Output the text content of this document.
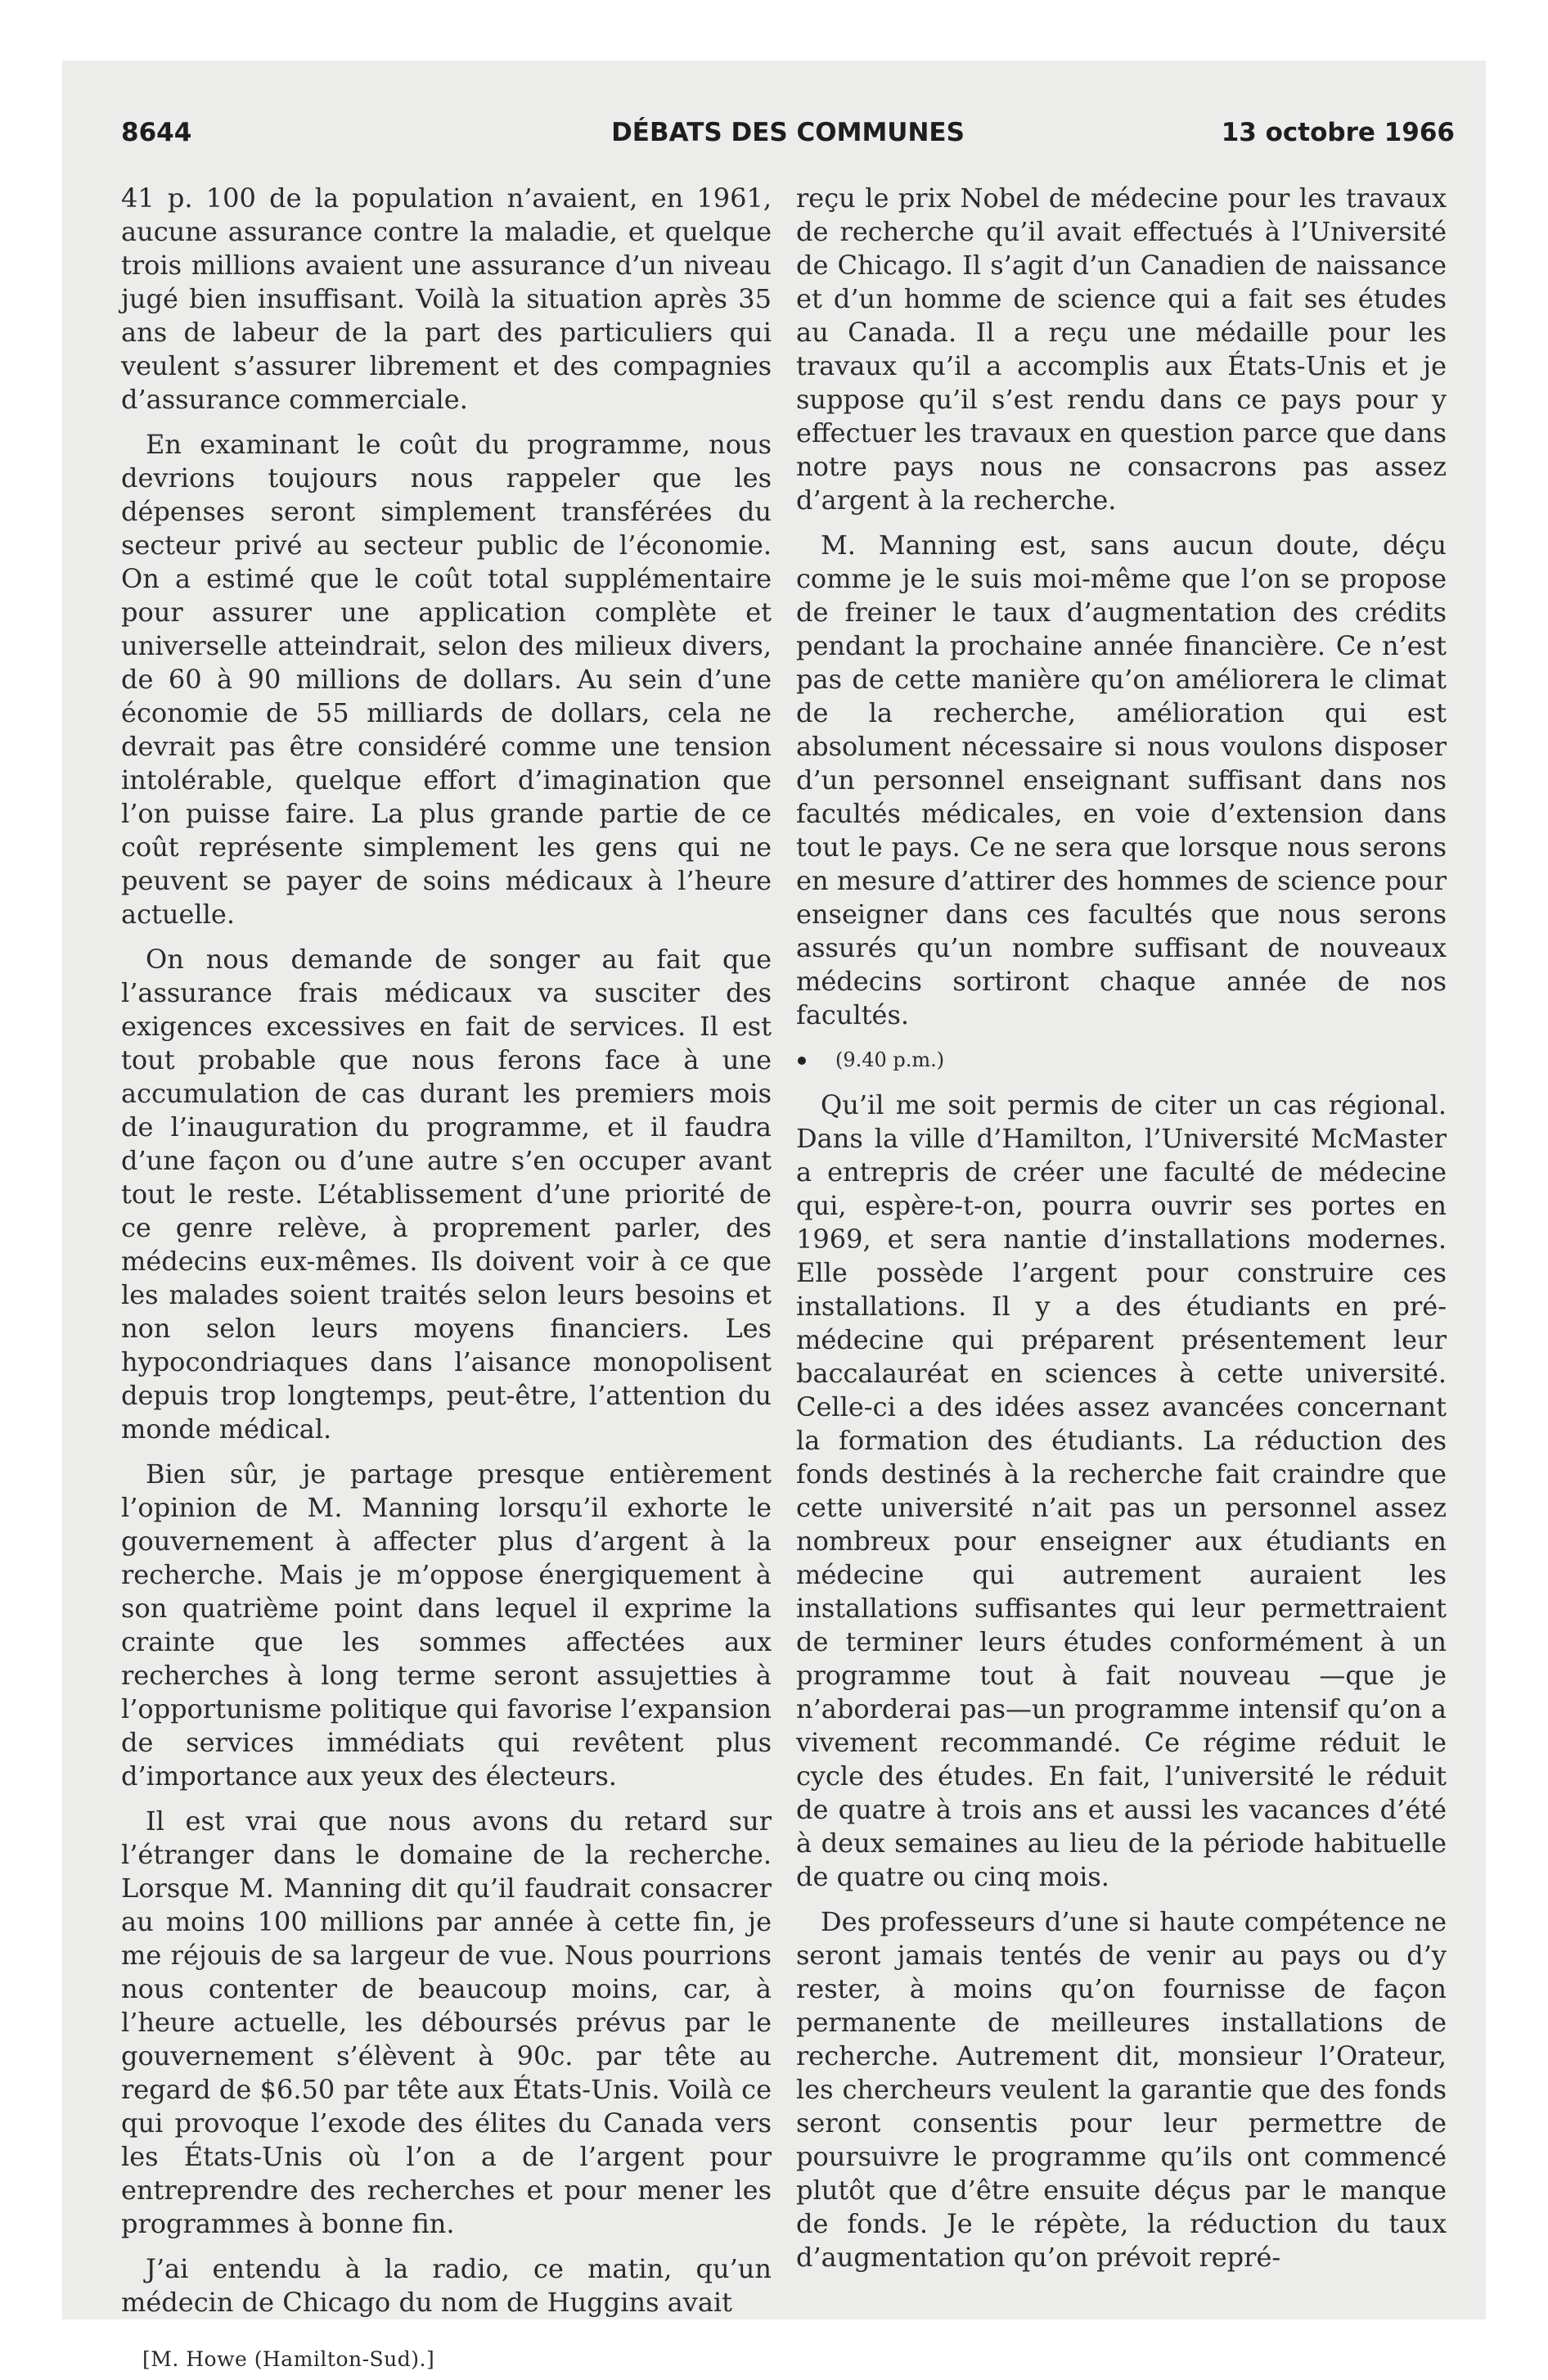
8644	DÉBATS DES COMMUNES	13 octobre 1966

41 p. 100 de la population n’avaient, en 1961, aucune assurance contre la maladie, et quelque trois millions avaient une assurance d’un niveau jugé bien insuffisant. Voilà la situation après 35 ans de labeur de la part des particuliers qui veulent s’assurer librement et des compagnies d’assurance commerciale.

En examinant le coût du programme, nous devrions toujours nous rappeler que les dépenses seront simplement transférées du secteur privé au secteur public de l’économie. On a estimé que le coût total supplémentaire pour assurer une application complète et universelle atteindrait, selon des milieux divers, de 60 à 90 millions de dollars. Au sein d’une économie de 55 milliards de dollars, cela ne devrait pas être considéré comme une tension intolérable, quelque effort d’imagination que l’on puisse faire. La plus grande partie de ce coût représente simplement les gens qui ne peuvent se payer de soins médicaux à l’heure actuelle.

On nous demande de songer au fait que l’assurance frais médicaux va susciter des exigences excessives en fait de services. Il est tout probable que nous ferons face à une accumulation de cas durant les premiers mois de l’inauguration du programme, et il faudra d’une façon ou d’une autre s’en occuper avant tout le reste. L’établissement d’une priorité de ce genre relève, à proprement parler, des médecins eux-mêmes. Ils doivent voir à ce que les malades soient traités selon leurs besoins et non selon leurs moyens financiers. Les hypocondriaques dans l’aisance monopolisent depuis trop longtemps, peut-être, l’attention du monde médical.

Bien sûr, je partage presque entièrement l’opinion de M. Manning lorsqu’il exhorte le gouvernement à affecter plus d’argent à la recherche. Mais je m’oppose énergiquement à son quatrième point dans lequel il exprime la crainte que les sommes affectées aux recherches à long terme seront assujetties à l’opportunisme politique qui favorise l’expansion de services immédiats qui revêtent plus d’importance aux yeux des électeurs.

Il est vrai que nous avons du retard sur l’étranger dans le domaine de la recherche. Lorsque M. Manning dit qu’il faudrait consacrer au moins 100 millions par année à cette fin, je me réjouis de sa largeur de vue. Nous pourrions nous contenter de beaucoup moins, car, à l’heure actuelle, les déboursés prévus par le gouvernement s’élèvent à 90c. par tête au regard de $6.50 par tête aux États-Unis. Voilà ce qui provoque l’exode des élites du Canada vers les États-Unis où l’on a de l’argent pour entreprendre des recherches et pour mener les programmes à bonne fin.

J’ai entendu à la radio, ce matin, qu’un médecin de Chicago du nom de Huggins avait

[M. Howe (Hamilton-Sud).]

reçu le prix Nobel de médecine pour les travaux de recherche qu’il avait effectués à l’Université de Chicago. Il s’agit d’un Canadien de naissance et d’un homme de science qui a fait ses études au Canada. Il a reçu une médaille pour les travaux qu’il a accomplis aux États-Unis et je suppose qu’il s’est rendu dans ce pays pour y effectuer les travaux en question parce que dans notre pays nous ne consacrons pas assez d’argent à la recherche.

M. Manning est, sans aucun doute, déçu comme je le suis moi-même que l’on se propose de freiner le taux d’augmentation des crédits pendant la prochaine année financière. Ce n’est pas de cette manière qu’on améliorera le climat de la recherche, amélioration qui est absolument nécessaire si nous voulons disposer d’un personnel enseignant suffisant dans nos facultés médicales, en voie d’extension dans tout le pays. Ce ne sera que lorsque nous serons en mesure d’attirer des hommes de science pour enseigner dans ces facultés que nous serons assurés qu’un nombre suffisant de nouveaux médecins sortiront chaque année de nos facultés.

(9.40 p.m.)

Qu’il me soit permis de citer un cas régional. Dans la ville d’Hamilton, l’Université McMaster a entrepris de créer une faculté de médecine qui, espère-t-on, pourra ouvrir ses portes en 1969, et sera nantie d’installations modernes. Elle possède l’argent pour construire ces installations. Il y a des étudiants en pré-médecine qui préparent présentement leur baccalauréat en sciences à cette université. Celle-ci a des idées assez avancées concernant la formation des étudiants. La réduction des fonds destinés à la recherche fait craindre que cette université n’ait pas un personnel assez nombreux pour enseigner aux étudiants en médecine qui autrement auraient les installations suffisantes qui leur permettraient de terminer leurs études conformément à un programme tout à fait nouveau —que je n’aborderai pas—un programme intensif qu’on a vivement recommandé. Ce régime réduit le cycle des études. En fait, l’université le réduit de quatre à trois ans et aussi les vacances d’été à deux semaines au lieu de la période habituelle de quatre ou cinq mois.

Des professeurs d’une si haute compétence ne seront jamais tentés de venir au pays ou d’y rester, à moins qu’on fournisse de façon permanente de meilleures installations de recherche. Autrement dit, monsieur l’Orateur, les chercheurs veulent la garantie que des fonds seront consentis pour leur permettre de poursuivre le programme qu’ils ont commencé plutôt que d’être ensuite déçus par le manque de fonds. Je le répète, la réduction du taux d’augmentation qu’on prévoit repré-
